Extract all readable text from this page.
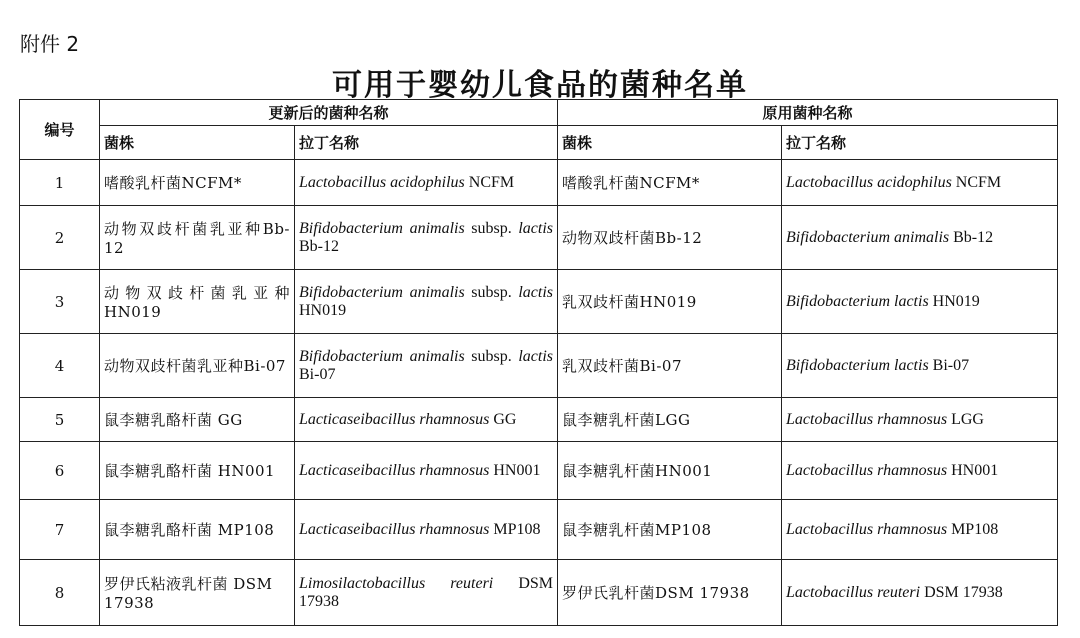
附件 2
可用于婴幼儿食品的菌种名单
编号	更新后的菌种名称		原用菌种名称	
	菌株	拉丁名称	菌株	拉丁名称
1	嗜酸乳杆菌NCFM*	Lactobacillus acidophilus NCFM	嗜酸乳杆菌NCFM*	Lactobacillus acidophilus NCFM
2	动物双歧杆菌乳亚种Bb-12	Bifidobacterium animalis subsp. lactis Bb-12	动物双歧杆菌Bb-12	Bifidobacterium animalis Bb-12
3	动物双歧杆菌乳亚种HN019	Bifidobacterium animalis subsp. lactis HN019	乳双歧杆菌HN019	Bifidobacterium lactis HN019
4	动物双歧杆菌乳亚种Bi-07	Bifidobacterium animalis subsp. lactis Bi-07	乳双歧杆菌Bi-07	Bifidobacterium lactis Bi-07
5	鼠李糖乳酪杆菌 GG	Lacticaseibacillus rhamnosus GG	鼠李糖乳杆菌LGG	Lactobacillus rhamnosus LGG
6	鼠李糖乳酪杆菌 HN001	Lacticaseibacillus rhamnosus HN001	鼠李糖乳杆菌HN001	Lactobacillus rhamnosus HN001
7	鼠李糖乳酪杆菌 MP108	Lacticaseibacillus rhamnosus MP108	鼠李糖乳杆菌MP108	Lactobacillus rhamnosus MP108
8	罗伊氏粘液乳杆菌 DSM 17938	Limosilactobacillus reuteri DSM 17938	罗伊氏乳杆菌DSM 17938	Lactobacillus reuteri DSM 17938
